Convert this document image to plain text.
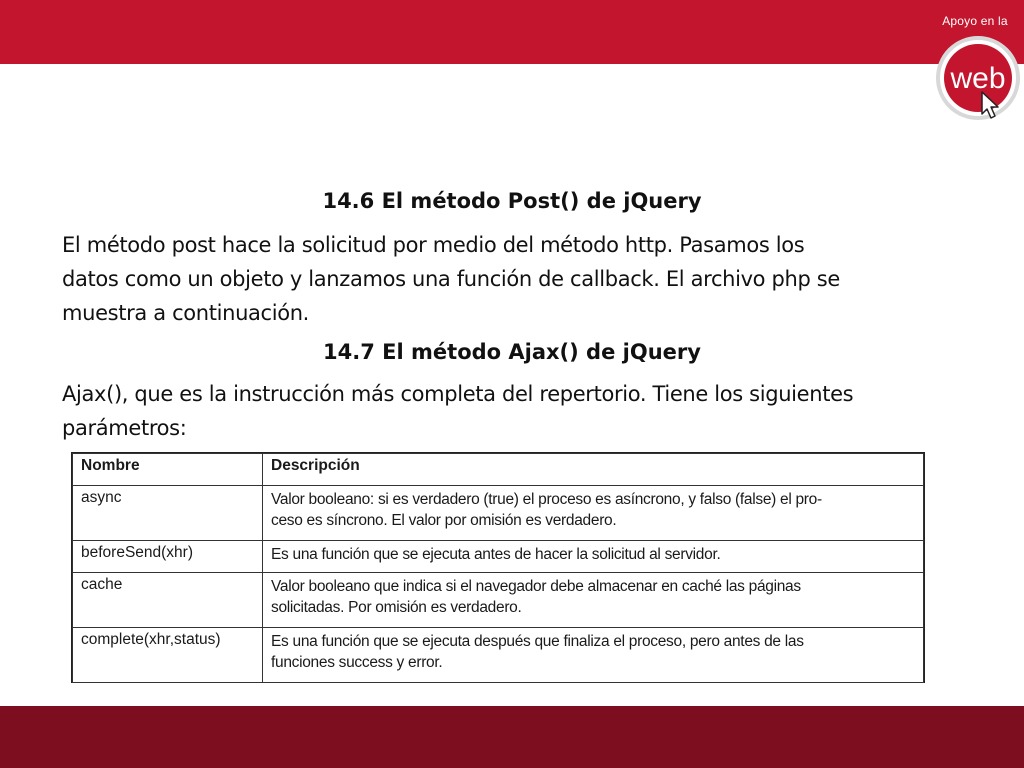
web
Apoyo en la
14.6 El método Post() de jQuery
El método post hace la solicitud por medio del método http. Pasamos los
datos como un objeto y lanzamos una función de callback. El archivo php se
muestra a continuación.
14.7 El método Ajax() de jQuery
Ajax(), que es la instrucción más completa del repertorio. Tiene los siguientes
parámetros:
Nombre	Descripción
async	Valor booleano: si es verdadero (true) el proceso es asíncrono, y falso (false) el pro-
ceso es síncrono. El valor por omisión es verdadero.

beforeSend(xhr)	Es una función que se ejecuta antes de hacer la solicitud al servidor.

cache	Valor booleano que indica si el navegador debe almacenar en caché las páginas
solicitadas. Por omisión es verdadero.

complete(xhr,status)	Es una función que se ejecuta después que finaliza el proceso, pero antes de las
funciones success y error.
